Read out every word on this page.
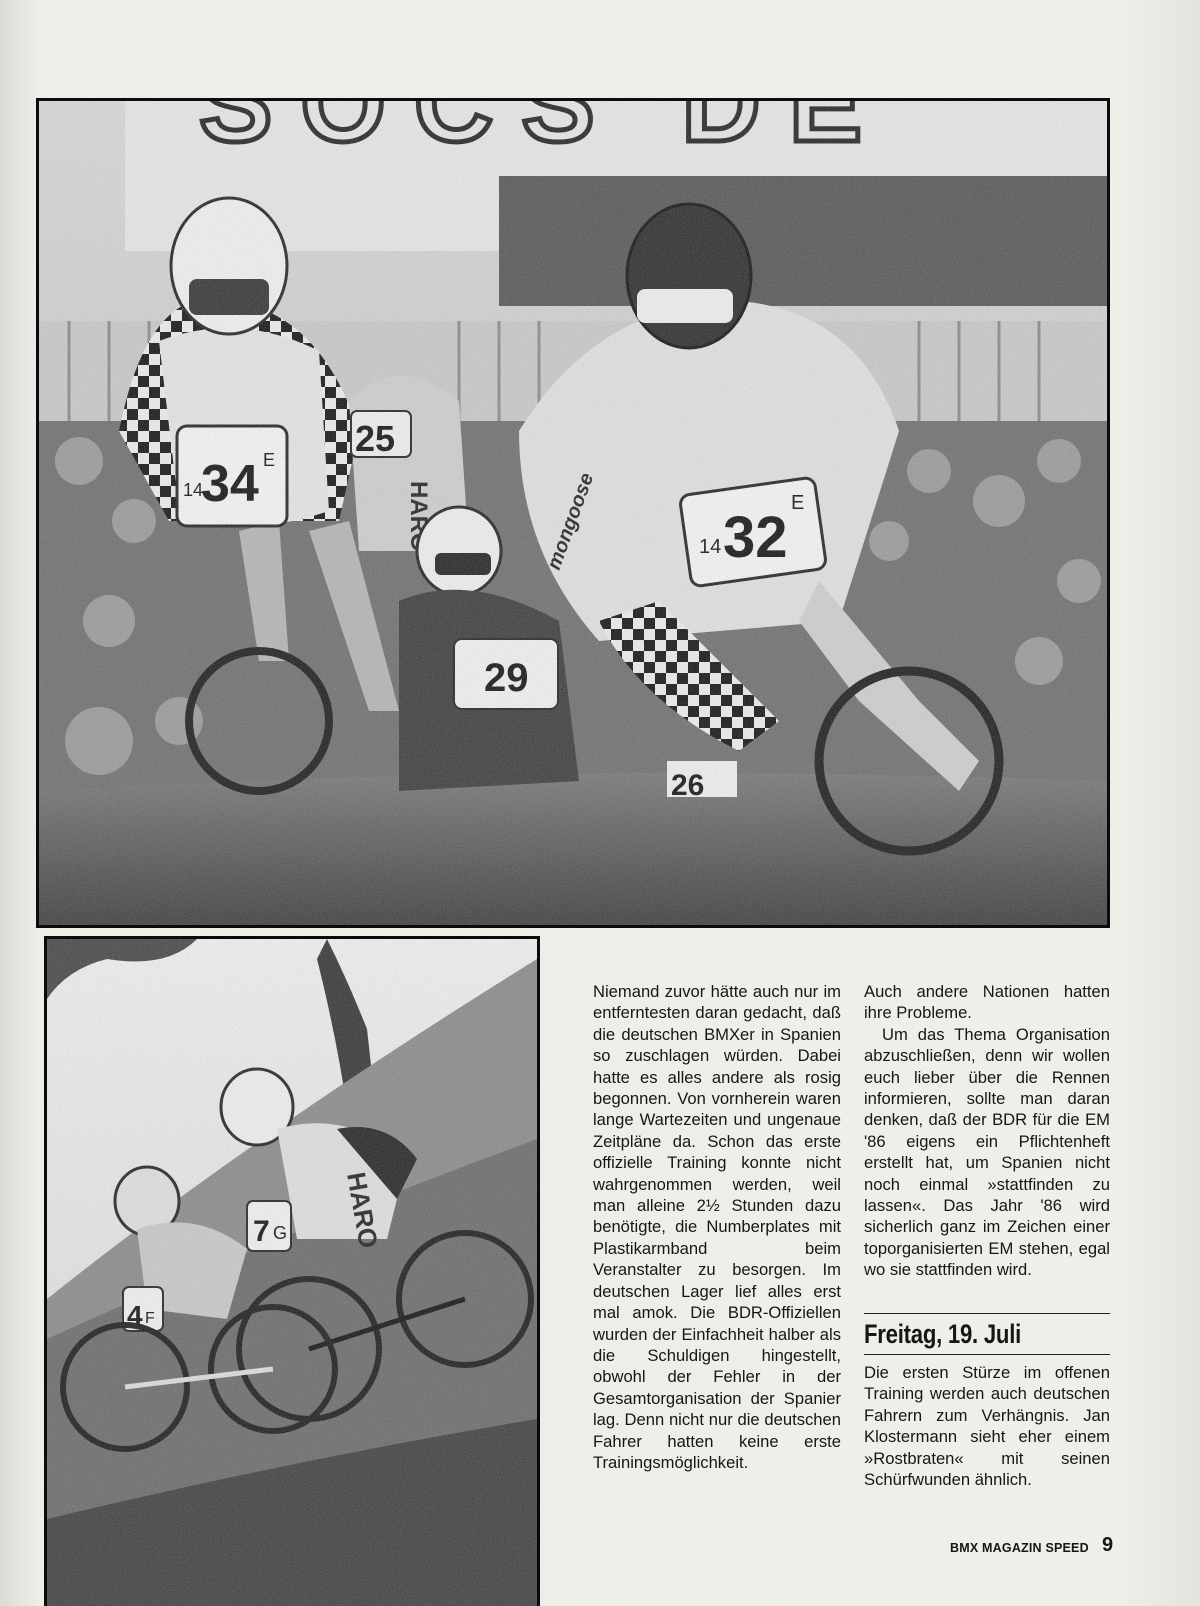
Niemand zuvor hätte auch nur im entferntesten daran gedacht, daß die deutschen BMXer in Spanien so zuschlagen würden. Dabei hatte es alles andere als rosig begonnen. Von vornherein waren lange Wartezeiten und ungenaue Zeitpläne da. Schon das erste offizielle Training konnte nicht wahrgenommen werden, weil man alleine 2½ Stunden dazu benötigte, die Numberplates mit Plastikarmband beim Veranstalter zu besorgen. Im deutschen Lager lief alles erst mal amok. Die BDR-Offiziellen wurden der Einfachheit halber als die Schuldigen hingestellt, obwohl der Fehler in der Gesamtorganisation der Spanier lag. Denn nicht nur die deutschen Fahrer hatten keine erste Trainingsmöglichkeit.

Auch andere Nationen hatten ihre Probleme.

Um das Thema Organisation abzuschließen, denn wir wollen euch lieber über die Rennen informieren, sollte man daran denken, daß der BDR für die EM '86 eigens ein Pflichtenheft erstellt hat, um Spanien nicht noch einmal »stattfinden zu lassen«. Das Jahr '86 wird sicherlich ganz im Zeichen einer toporganisierten EM stehen, egal wo sie stattfinden wird.

Freitag, 19. Juli

Die ersten Stürze im offenen Training werden auch deutschen Fahrern zum Verhängnis. Jan Klostermann sieht eher einem »Rostbraten« mit seinen Schürfwunden ähnlich.

BMX MAGAZIN SPEED 9
